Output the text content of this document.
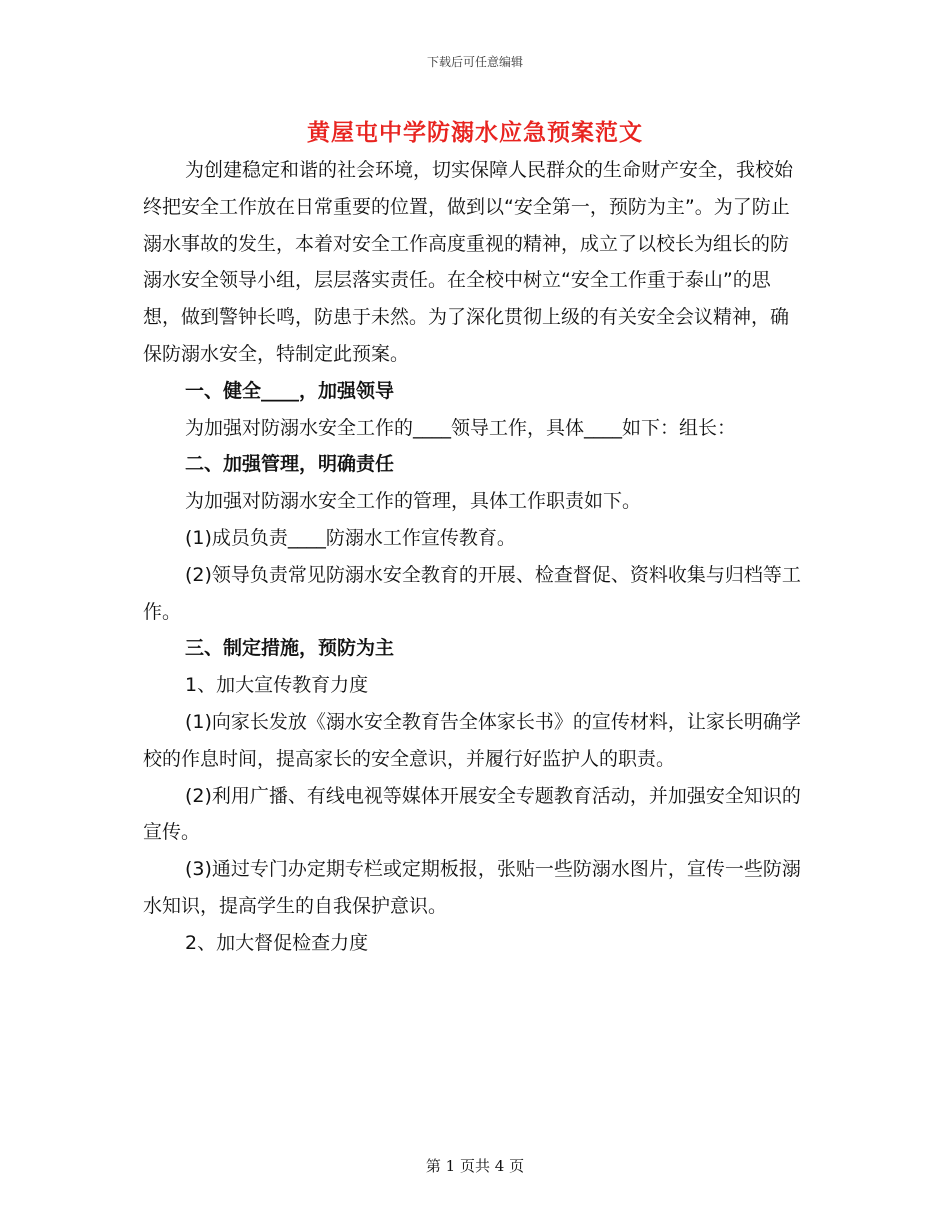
下载后可任意编辑
黄屋屯中学防溺水应急预案范文

为创建稳定和谐的社会环境，切实保障人民群众的生命财产安全，我校始终把安全工作放在日常重要的位置，做到以“安全第一，预防为主”。为了防止溺水事故的发生，本着对安全工作高度重视的精神，成立了以校长为组长的防溺水安全领导小组，层层落实责任。在全校中树立“安全工作重于泰山”的思想，做到警钟长鸣，防患于未然。为了深化贯彻上级的有关安全会议精神，确保防溺水安全，特制定此预案。

一、健全____，加强领导

为加强对防溺水安全工作的____领导工作，具体____如下：组长：

二、加强管理，明确责任

为加强对防溺水安全工作的管理，具体工作职责如下。

(1)成员负责____防溺水工作宣传教育。

(2)领导负责常见防溺水安全教育的开展、检查督促、资料收集与归档等工作。

三、制定措施，预防为主

1、加大宣传教育力度

(1)向家长发放《溺水安全教育告全体家长书》的宣传材料，让家长明确学校的作息时间，提高家长的安全意识，并履行好监护人的职责。

(2)利用广播、有线电视等媒体开展安全专题教育活动，并加强安全知识的宣传。

(3)通过专门办定期专栏或定期板报，张贴一些防溺水图片，宣传一些防溺水知识，提高学生的自我保护意识。

2、加大督促检查力度

第 1 页共 4 页
